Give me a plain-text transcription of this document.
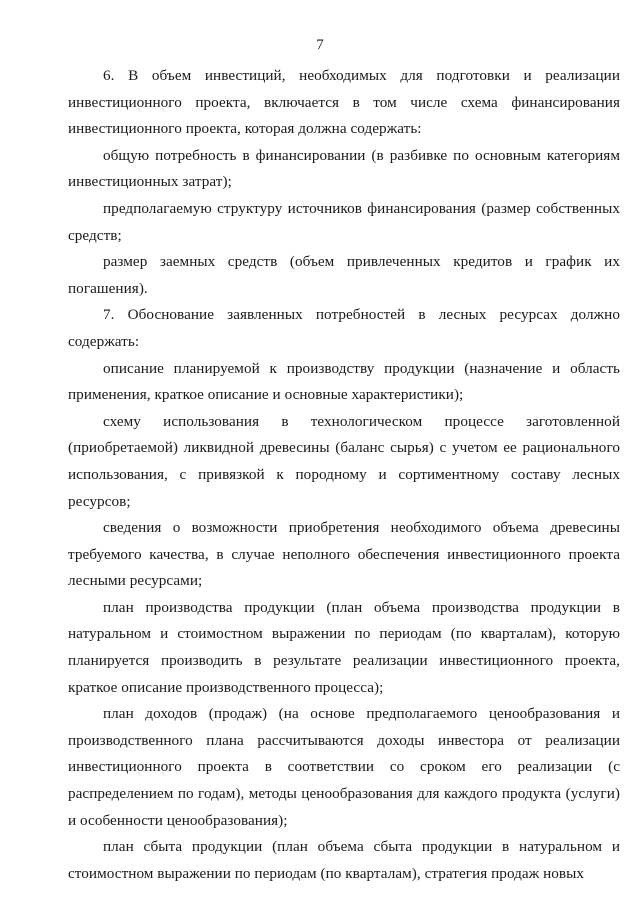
7

6. В объем инвестиций, необходимых для подготовки и реализации инвестиционного проекта, включается в том числе схема финансирования инвестиционного проекта, которая должна содержать:

общую потребность в финансировании (в разбивке по основным категориям инвестиционных затрат);

предполагаемую структуру источников финансирования (размер собственных средств;

размер заемных средств (объем привлеченных кредитов и график их погашения).

7. Обоснование заявленных потребностей в лесных ресурсах должно содержать:

описание планируемой к производству продукции (назначение и область применения, краткое описание и основные характеристики);

схему использования в технологическом процессе заготовленной (приобретаемой) ликвидной древесины (баланс сырья) с учетом ее рационального использования, с привязкой к породному и сортиментному составу лесных ресурсов;

сведения о возможности приобретения необходимого объема древесины требуемого качества, в случае неполного обеспечения инвестиционного проекта лесными ресурсами;

план производства продукции (план объема производства продукции в натуральном и стоимостном выражении по периодам (по кварталам), которую планируется производить в результате реализации инвестиционного проекта, краткое описание производственного процесса);

план доходов (продаж) (на основе предполагаемого ценообразования и производственного плана рассчитываются доходы инвестора от реализации инвестиционного проекта в соответствии со сроком его реализации (с распределением по годам), методы ценообразования для каждого продукта (услуги) и особенности ценообразования);

план сбыта продукции (план объема сбыта продукции в натуральном и стоимостном выражении по периодам (по кварталам), стратегия продаж новых
